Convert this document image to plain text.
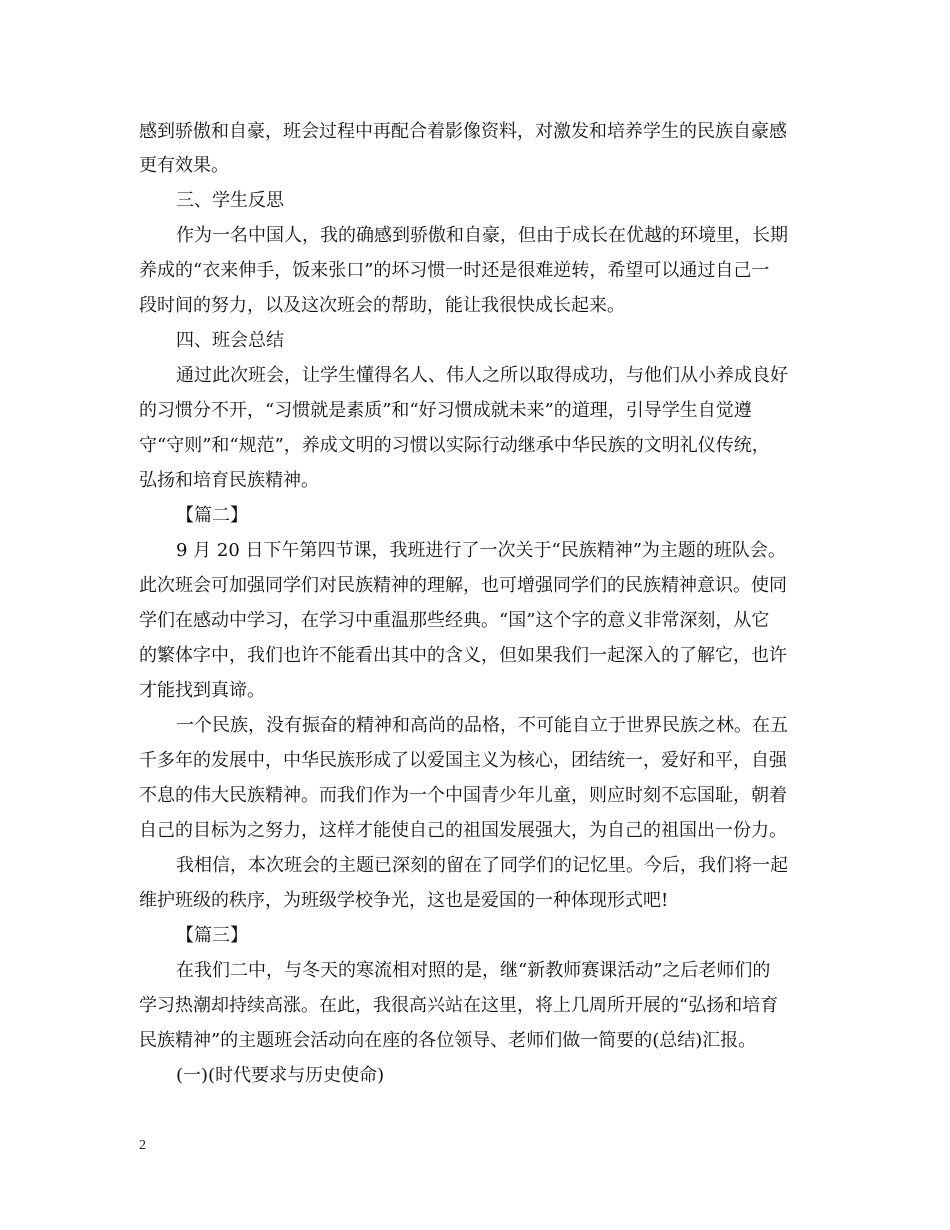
感到骄傲和自豪，班会过程中再配合着影像资料，对激发和培养学生的民族自豪感
更有效果。
三、学生反思
作为一名中国人，我的确感到骄傲和自豪，但由于成长在优越的环境里，长期
养成的“衣来伸手，饭来张口”的坏习惯一时还是很难逆转，希望可以通过自己一
段时间的努力，以及这次班会的帮助，能让我很快成长起来。
四、班会总结
通过此次班会，让学生懂得名人、伟人之所以取得成功，与他们从小养成良好
的习惯分不开，“习惯就是素质”和“好习惯成就未来”的道理，引导学生自觉遵
守“守则”和“规范”，养成文明的习惯以实际行动继承中华民族的文明礼仪传统，
弘扬和培育民族精神。
【篇二】
9 月 20 日下午第四节课，我班进行了一次关于“民族精神”为主题的班队会。
此次班会可加强同学们对民族精神的理解，也可增强同学们的民族精神意识。使同
学们在感动中学习，在学习中重温那些经典。“国”这个字的意义非常深刻，从它
的繁体字中，我们也许不能看出其中的含义，但如果我们一起深入的了解它，也许
才能找到真谛。
一个民族，没有振奋的精神和高尚的品格，不可能自立于世界民族之林。在五
千多年的发展中，中华民族形成了以爱国主义为核心，团结统一，爱好和平，自强
不息的伟大民族精神。而我们作为一个中国青少年儿童，则应时刻不忘国耻，朝着
自己的目标为之努力，这样才能使自己的祖国发展强大，为自己的祖国出一份力。
我相信，本次班会的主题已深刻的留在了同学们的记忆里。今后，我们将一起
维护班级的秩序，为班级学校争光，这也是爱国的一种体现形式吧!
【篇三】
在我们二中，与冬天的寒流相对照的是，继“新教师赛课活动”之后老师们的
学习热潮却持续高涨。在此，我很高兴站在这里，将上几周所开展的“弘扬和培育
民族精神”的主题班会活动向在座的各位领导、老师们做一简要的(总结)汇报。
(一)(时代要求与历史使命)
2
